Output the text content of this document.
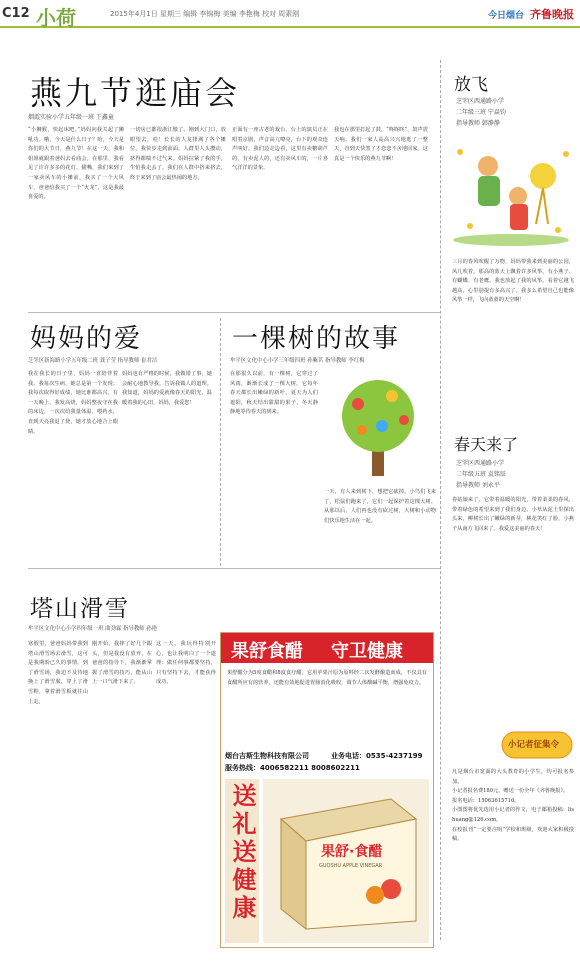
C12 小荷	2015年4月1日 星期三 编辑 李锦梅 美编 李艳梅 校对 周素刚	今日烟台 齐鲁晚报
燕九节逛庙会
烟霞实验小学五年级一班 王鑫童
“小狮猴，快起床吧。”妈妈向我关起了狮吼功。哦，今天是什么日子？哈，今天是你们的大节日，燕九节！在这一天，我和姐姐就跟着爸妈去看庙会。在那里，我看见了许许多多的花灯、猫嘴，我们来到了一家卖风车的小摊前，我买了一个大风车，爸爸给我买了一个“火龙”，这是我最喜爱的。
一切房已都很浙江傲了。刚到大门口，放眼望去，哇！长长的人龙排满了各个摊位，我快步走到前面，人群里人头攒动，挤得都喘不过气来。妈妈拉紧了我的手，生怕我走丢了。我们在人群中挤来挤去，终于来到了庙会最热闹的地方。
正面有一座古老的戏台，台上的演员正在唱着京剧，声音高亢嘹亮，台下的观众连声叫好。我们边走边看，这里有卖糖葫芦的，有卖泥人的，还有卖风车的，一片喜气洋洋的景象。
我也在那里打起了鼓，“咚咚咚”，鼓声震天响。我们一家人高高兴兴地逛了一整天，直到天快黑了才恋恋不舍地回家。这真是一个快乐的燕九节啊！
放飞
芝罘区西通路小学
二年级三班 宁焱钧
指导教师 韩静静
三月的春风吹醒了万物，妈妈带我来到美丽的公园，风儿吹着，那高的蓝天上飘着许多风筝，有小燕子、有蝴蝶、有老鹰。我也放起了我的风筝，看着它越飞越高，心里别提有多高兴了。我多么希望自己也能像风筝一样，飞向蓝蓝的天空啊！
春天来了
芝罘区西通路小学
二年级五班 袁铭辰
指导教师 刘永平
春姑娘来了，它带着温暖的阳光，带着柔柔的春风，带着绿色的希望来到了我们身边。小草从泥土里探出头来，柳树长出了嫩绿的新芽，桃花笑红了脸，小燕子从南方飞回来了。我爱这美丽的春天！
小记者征集令
凡是烟台市宽面的大头教育的小学生，均可报名参加。
小记者报名费180元，赠送一份全年《齐鲁晚报》。
报名电话：15063615716。
小图图将优先选用小记者的作文，电子邮箱投稿：lishuang@126.com。
在校报刊“一定要注明”学校和班级，欢迎大家积极投稿。
妈妈的爱
芝罘区新海路小学五年级二班 龚子莹 指导教师 崔君洁
我在我长的日子里，妈妈一直陪伴着我。我每次生病，她总是第一个发现；我每次取得好成绩，她比谁都高兴。有一天晚上，我发高烧，妈妈整夜守在我的床边，一次次给我量体温、喂药水，直到天亮我退了烧，她才放心地合上眼睛。
妈妈也有严格的时候，我做错了事，她会耐心地教导我，告诉我做人的道理。我知道，妈妈的爱就像春天的阳光，温暖着我的心田，妈妈，我爱您！
一棵树的故事
牟平区文化中心小学三年级四班 孙紫茗 指导教师 李红梅
在那很久以前，有一棵树，它穿过了风雨，渐渐长成了一棵大树。它每年春天都长出嫩绿的新叶，夏天为人们遮阳，秋天结出甜甜的果子，冬天静静地等待春天的到来。
一天，有人来到树下，想把它砍掉。小鸟们飞来了，松鼠们跑来了，它们一起保护着这棵大树。从那以后，人们再也没有砍过树，大树和小动物们快乐地生活在一起。
塔山滑雪
牟平区文化中心小学四年级一班 曲劲霖 指导教师 孙艳
寒假里，爸爸妈妈带我到塔山滑雪场去滑雪，这可是我期盼已久的事情。到了滑雪场，我迫不及待地换上了滑雪服，穿上了滑雪鞋，拿着滑雪板就往山上走。
刚开始，我摔了好几个跟头，但是我没有放弃，在爸爸的指导下，我渐渐掌握了滑雪的技巧，能从山上一口气滑下来了。
这一天，我玩得特别开心，也让我明白了一个道理：做任何事都要坚持，只有坚持下去，才能获得成功。
果舒食醋 守卫健康
果舒醋分为5度食醋和8度食疗醋。它用苹果汁原为原料经二次发酵酿造而成，不仅具有食醋所应有的营养，还能有效地促进胃肠消化吸收，调节人体酸碱平衡，增强免疫力。
烟台吉斯生物科技有限公司	业务电话：0535-4237199
服务热线：4006582211 8008602211
送礼送健康	果舒·食醋
GUOSHU APPLE VINEGAR
